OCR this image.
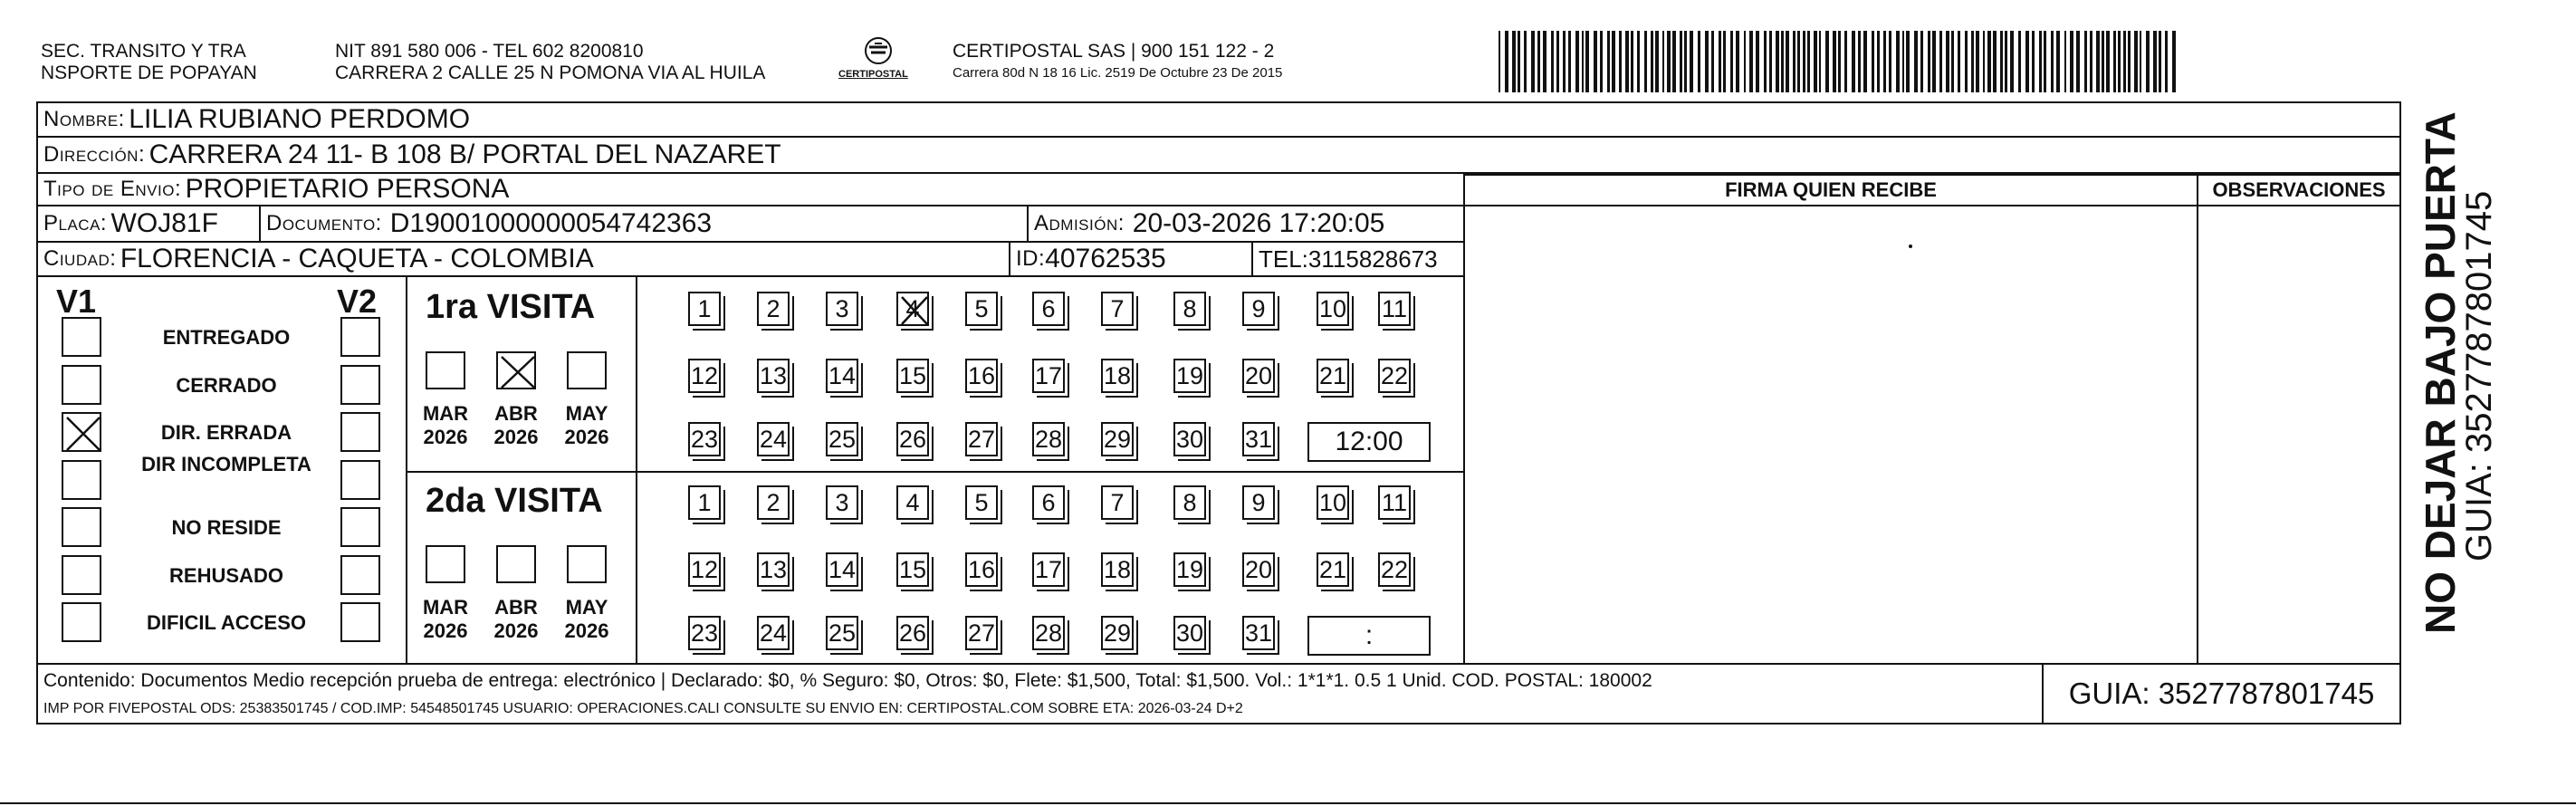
SEC. TRANSITO Y TRA
NSPORTE DE POPAYAN
NIT 891 580 006 - TEL 602 8200810
CARRERA 2 CALLE 25 N POMONA VIA AL HUILA	CERTIPOSTAL
CERTIPOSTAL SAS | 900 151 122 - 2
Carrera 80d N 18 16 Lic. 2519 De Octubre 23 De 2015
Nombre:
LILIA RUBIANO PERDOMO
Dirección:
CARRERA 24 11- B 108 B/ PORTAL DEL NAZARET
Tipo de Envio:
PROPIETARIO PERSONA	FIRMA QUIEN RECIBE	OBSERVACIONES
Placa:
WOJ81F Documento:
D19001000000054742363	Admisión:
20-03-2026 17:20:05
Ciudad:
FLORENCIA - CAQUETA - COLOMBIA	ID: 40762535	TEL: 3115828673
V1	V2
ENTREGADO
CERRADO
DIR. ERRADA
DIR INCOMPLETA
NO RESIDE
REHUSADO
DIFICIL ACCESO
1ra VISITA
MAR
2026
ABR
2026
MAY
2026
1	2	3	4	5	6	7	8	9	10 11
12 13 14 15 16 17 18 19 20 21 22
23 24 25 26 27 28 29 30 31	12:00
2da VISITA
MAR
2026
ABR
2026
MAY
2026
1	2	3	4	5	6	7	8	9	10 11
12 13 14 15 16 17 18 19 20 21 22
23 24 25 26 27 28 29 30 31	:
Contenido: Documentos Medio recepción prueba de entrega: electrónico | Declarado: $0, % Seguro: $0, Otros: $0, Flete: $1,500, Total: $1,500. Vol.: 1*1*1. 0.5 1 Unid. COD. POSTAL: 180002
IMP POR FIVEPOSTAL ODS: 25383501745 / COD.IMP: 54548501745 USUARIO: OPERACIONES.CALI CONSULTE SU ENVIO EN: CERTIPOSTAL.COM SOBRE ETA: 2026-03-24 D+2	GUIA: 3527787801745
NO DEJAR BAJO PUERTA
GUIA: 3527787801745
